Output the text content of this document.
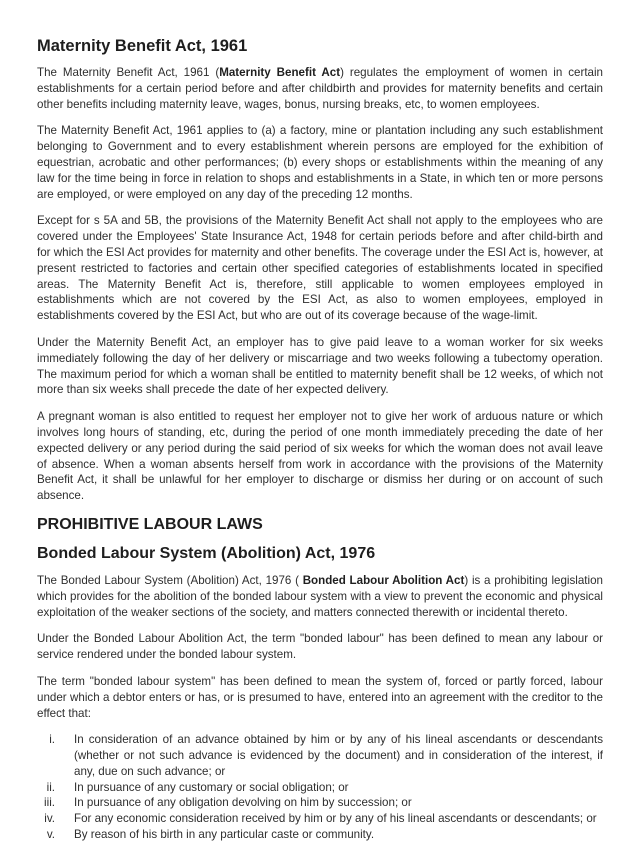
Maternity Benefit Act, 1961

The Maternity Benefit Act, 1961 (Maternity Benefit Act) regulates the employment of women in certain establishments for a certain period before and after childbirth and provides for maternity benefits and certain other benefits including maternity leave, wages, bonus, nursing breaks, etc, to women employees.

The Maternity Benefit Act, 1961 applies to (a) a factory, mine or plantation including any such establishment belonging to Government and to every establishment wherein persons are employed for the exhibition of equestrian, acrobatic and other performances; (b) every shops or establishments within the meaning of any law for the time being in force in relation to shops and establishments in a State, in which ten or more persons are employed, or were employed on any day of the preceding 12 months.

Except for s 5A and 5B, the provisions of the Maternity Benefit Act shall not apply to the employees who are covered under the Employees' State Insurance Act, 1948 for certain periods before and after child-birth and for which the ESI Act provides for maternity and other benefits. The coverage under the ESI Act is, however, at present restricted to factories and certain other specified categories of establishments located in specified areas. The Maternity Benefit Act is, therefore, still applicable to women employees employed in establishments which are not covered by the ESI Act, as also to women employees, employed in establishments covered by the ESI Act, but who are out of its coverage because of the wage-limit.

Under the Maternity Benefit Act, an employer has to give paid leave to a woman worker for six weeks immediately following the day of her delivery or miscarriage and two weeks following a tubectomy operation. The maximum period for which a woman shall be entitled to maternity benefit shall be 12 weeks, of which not more than six weeks shall precede the date of her expected delivery.

A pregnant woman is also entitled to request her employer not to give her work of arduous nature or which involves long hours of standing, etc, during the period of one month immediately preceding the date of her expected delivery or any period during the said period of six weeks for which the woman does not avail leave of absence. When a woman absents herself from work in accordance with the provisions of the Maternity Benefit Act, it shall be unlawful for her employer to discharge or dismiss her during or on account of such absence.

PROHIBITIVE LABOUR LAWS
Bonded Labour System (Abolition) Act, 1976

The Bonded Labour System (Abolition) Act, 1976 ( Bonded Labour Abolition Act) is a prohibiting legislation which provides for the abolition of the bonded labour system with a view to prevent the economic and physical exploitation of the weaker sections of the society, and matters connected therewith or incidental thereto.

Under the Bonded Labour Abolition Act, the term "bonded labour" has been defined to mean any labour or service rendered under the bonded labour system.

The term "bonded labour system" has been defined to mean the system of, forced or partly forced, labour under which a debtor enters or has, or is presumed to have, entered into an agreement with the creditor to the effect that:

i. In consideration of an advance obtained by him or by any of his lineal ascendants or descendants (whether or not such advance is evidenced by the document) and in consideration of the interest, if any, due on such advance; or
ii. In pursuance of any customary or social obligation; or
iii. In pursuance of any obligation devolving on him by succession; or
iv. For any economic consideration received by him or by any of his lineal ascendants or descendants; or
v. By reason of his birth in any particular caste or community.
